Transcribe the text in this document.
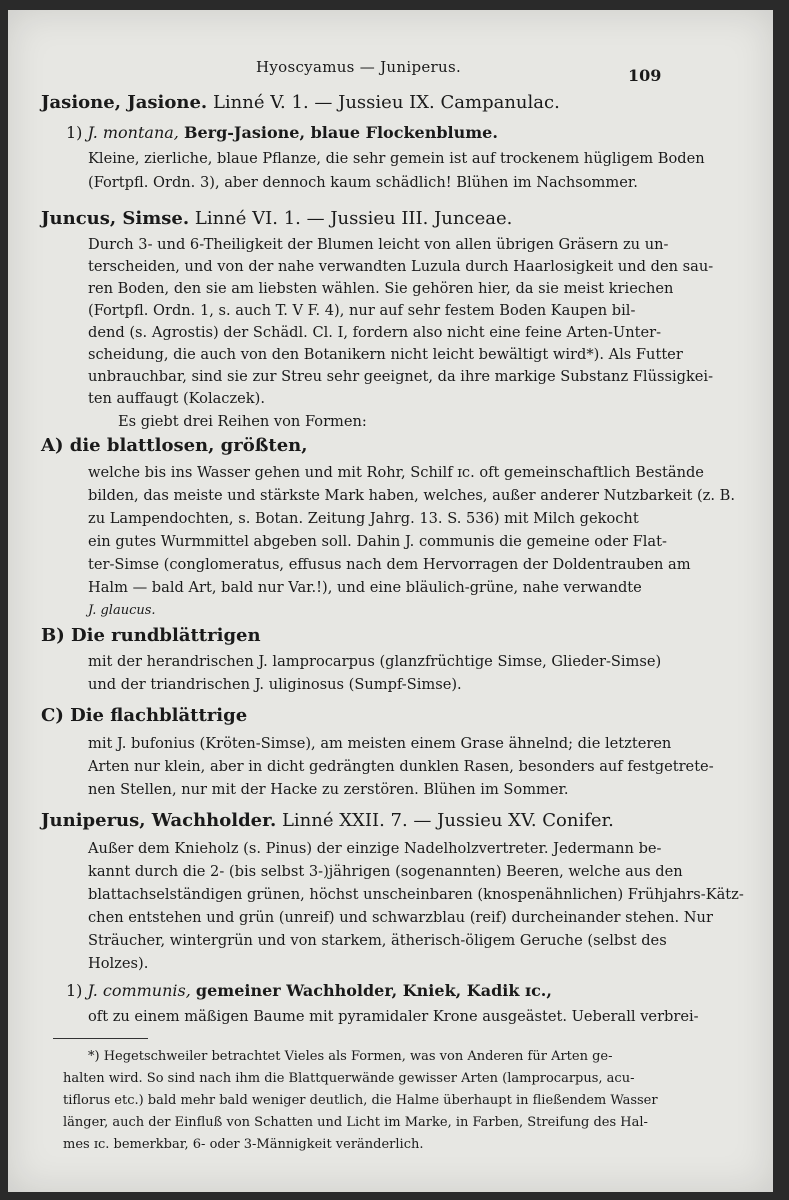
Hyoscyamus — Juniperus.	109
Jasione, Jasione. Linné V. 1. — Jussieu IX. Campanulac.
1) J. montana, Berg-Jasione, blaue Flockenblume.
Kleine, zierliche, blaue Pflanze, die sehr gemein ist auf trockenem hügligem Boden
(Fortpfl. Ordn. 3), aber dennoch kaum schädlich! Blühen im Nachsommer.
Juncus, Simse. Linné VI. 1. — Jussieu III. Junceae.
Durch 3- und 6-Theiligkeit der Blumen leicht von allen übrigen Gräsern zu un-
terscheiden, und von der nahe verwandten Luzula durch Haarlosigkeit und den sau-
ren Boden, den sie am liebsten wählen. Sie gehören hier, da sie meist kriechen
(Fortpfl. Ordn. 1, s. auch T. V F. 4), nur auf sehr festem Boden Kaupen bil-
dend (s. Agrostis) der Schädl. Cl. I, fordern also nicht eine feine Arten-Unter-
scheidung, die auch von den Botanikern nicht leicht bewältigt wird*). Als Futter
unbrauchbar, sind sie zur Streu sehr geeignet, da ihre markige Substanz Flüssigkei-
ten auffaugt (Kolaczek).
Es giebt drei Reihen von Formen:
A) die blattlosen, größten,
welche bis ins Wasser gehen und mit Rohr, Schilf ɪc. oft gemeinschaftlich Bestände
bilden, das meiste und stärkste Mark haben, welches, außer anderer Nutzbarkeit (z. B.
zu Lampendochten, s. Botan. Zeitung Jahrg. 13. S. 536) mit Milch gekocht
ein gutes Wurmmittel abgeben soll. Dahin J. communis die gemeine oder Flat-
ter-Simse (conglomeratus, effusus nach dem Hervorragen der Doldentrauben am
Halm — bald Art, bald nur Var.!), und eine bläulich-grüne, nahe verwandte
J. glaucus.
B) Die rundblättrigen
mit der herandrischen J. lamprocarpus (glanzfrüchtige Simse, Glieder-Simse)
und der triandrischen J. uliginosus (Sumpf-Simse).
C) Die flachblättrige
mit J. bufonius (Kröten-Simse), am meisten einem Grase ähnelnd; die letzteren
Arten nur klein, aber in dicht gedrängten dunklen Rasen, besonders auf festgetrete-
nen Stellen, nur mit der Hacke zu zerstören. Blühen im Sommer.
Juniperus, Wachholder. Linné XXII. 7. — Jussieu XV. Conifer.
Außer dem Knieholz (s. Pinus) der einzige Nadelholzvertreter. Jedermann be-
kannt durch die 2- (bis selbst 3-)jährigen (sogenannten) Beeren, welche aus den
blattachselständigen grünen, höchst unscheinbaren (knospenähnlichen) Frühjahrs-Kätz-
chen entstehen und grün (unreif) und schwarzblau (reif) durcheinander stehen. Nur
Sträucher, wintergrün und von starkem, ätherisch-öligem Geruche (selbst des
Holzes).
1) J. communis, gemeiner Wachholder, Kniek, Kadik ɪc.,
oft zu einem mäßigen Baume mit pyramidaler Krone ausgeästet. Ueberall verbrei-
*) Hegetschweiler betrachtet Vieles als Formen, was von Anderen für Arten ge-
halten wird. So sind nach ihm die Blattquerwände gewisser Arten (lamprocarpus, acu-
tiflorus etc.) bald mehr bald weniger deutlich, die Halme überhaupt in fließendem Wasser
länger, auch der Einfluß von Schatten und Licht im Marke, in Farben, Streifung des Hal-
mes ɪc. bemerkbar, 6- oder 3-Männigkeit veränderlich.
